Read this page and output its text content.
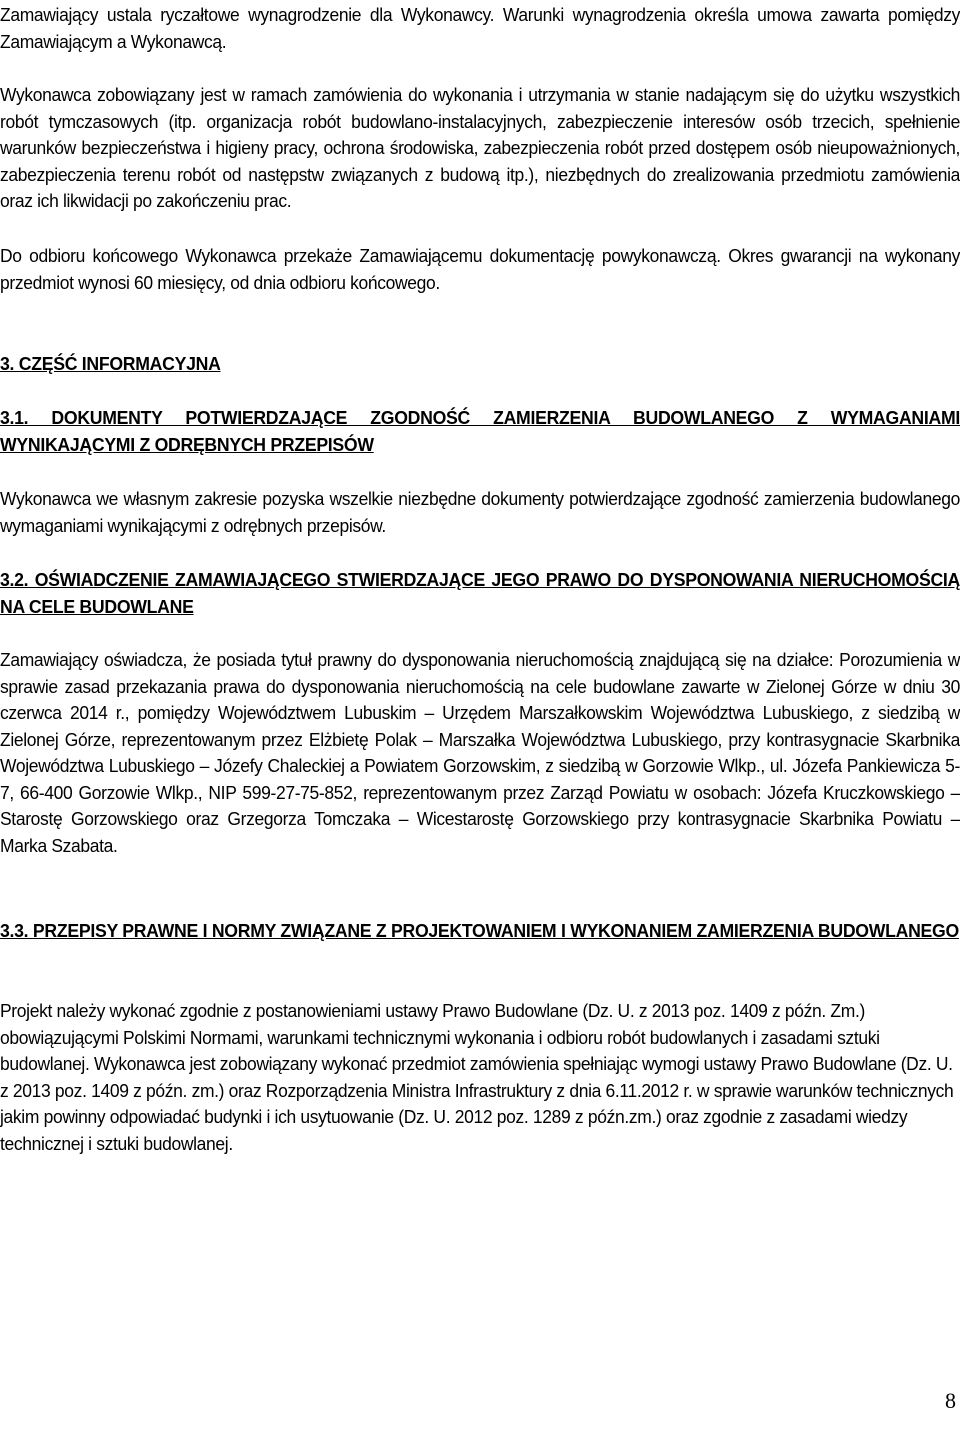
Zamawiający ustala ryczałtowe wynagrodzenie dla Wykonawcy. Warunki wynagrodzenia określa umowa zawarta pomiędzy Zamawiającym a Wykonawcą.

Wykonawca zobowiązany jest w ramach zamówienia do wykonania i utrzymania w stanie nadającym się do użytku wszystkich robót tymczasowych (itp. organizacja robót budowlano-instalacyjnych, zabezpieczenie interesów osób trzecich, spełnienie warunków bezpieczeństwa i higieny pracy, ochrona środowiska, zabezpieczenia robót przed dostępem osób nieupoważnionych, zabezpieczenia terenu robót od następstw związanych z budową itp.), niezbędnych do zrealizowania przedmiotu zamówienia oraz ich likwidacji po zakończeniu prac.

Do odbioru końcowego Wykonawca przekaże Zamawiającemu dokumentację powykonawczą. Okres gwarancji na wykonany przedmiot wynosi 60 miesięcy, od dnia odbioru końcowego.

3. CZĘŚĆ INFORMACYJNA
3.1. DOKUMENTY POTWIERDZAJĄCE ZGODNOŚĆ ZAMIERZENIA BUDOWLANEGO Z WYMAGANIAMI WYNIKAJĄCYMI Z ODRĘBNYCH PRZEPISÓW

Wykonawca we własnym zakresie pozyska wszelkie niezbędne dokumenty potwierdzające zgodność zamierzenia budowlanego wymaganiami wynikającymi z odrębnych przepisów.

3.2. OŚWIADCZENIE ZAMAWIAJĄCEGO STWIERDZAJĄCE JEGO PRAWO DO DYSPONOWANIA NIERUCHOMOŚCIĄ NA CELE BUDOWLANE

Zamawiający oświadcza, że posiada tytuł prawny do dysponowania nieruchomością znajdującą się na działce: Porozumienia w sprawie zasad przekazania prawa do dysponowania nieruchomością na cele budowlane zawarte w Zielonej Górze w dniu 30 czerwca 2014 r., pomiędzy Województwem Lubuskim – Urzędem Marszałkowskim Województwa Lubuskiego, z siedzibą w Zielonej Górze, reprezentowanym przez Elżbietę Polak – Marszałka Województwa Lubuskiego, przy kontrasygnacie Skarbnika Województwa Lubuskiego – Józefy Chaleckiej a Powiatem Gorzowskim, z siedzibą w Gorzowie Wlkp., ul. Józefa Pankiewicza 5-7, 66-400 Gorzowie Wlkp., NIP 599-27-75-852, reprezentowanym przez Zarząd Powiatu w osobach: Józefa Kruczkowskiego – Starostę Gorzowskiego oraz Grzegorza Tomczaka – Wicestarostę Gorzowskiego przy kontrasygnacie Skarbnika Powiatu – Marka Szabata.

3.3. PRZEPISY PRAWNE I NORMY ZWIĄZANE Z PROJEKTOWANIEM I WYKONANIEM ZAMIERZENIA BUDOWLANEGO

Projekt należy wykonać zgodnie z postanowieniami ustawy Prawo Budowlane (Dz. U. z 2013 poz. 1409 z późn. Zm.) obowiązującymi Polskimi Normami, warunkami technicznymi wykonania i odbioru robót budowlanych i zasadami sztuki budowlanej. Wykonawca jest zobowiązany wykonać przedmiot zamówienia spełniając wymogi ustawy Prawo Budowlane (Dz. U. z 2013 poz. 1409 z późn. zm.) oraz Rozporządzenia Ministra Infrastruktury z dnia 6.11.2012 r. w sprawie warunków technicznych jakim powinny odpowiadać budynki i ich usytuowanie (Dz. U. 2012 poz. 1289 z późn.zm.) oraz zgodnie z zasadami wiedzy technicznej i sztuki budowlanej.

8
